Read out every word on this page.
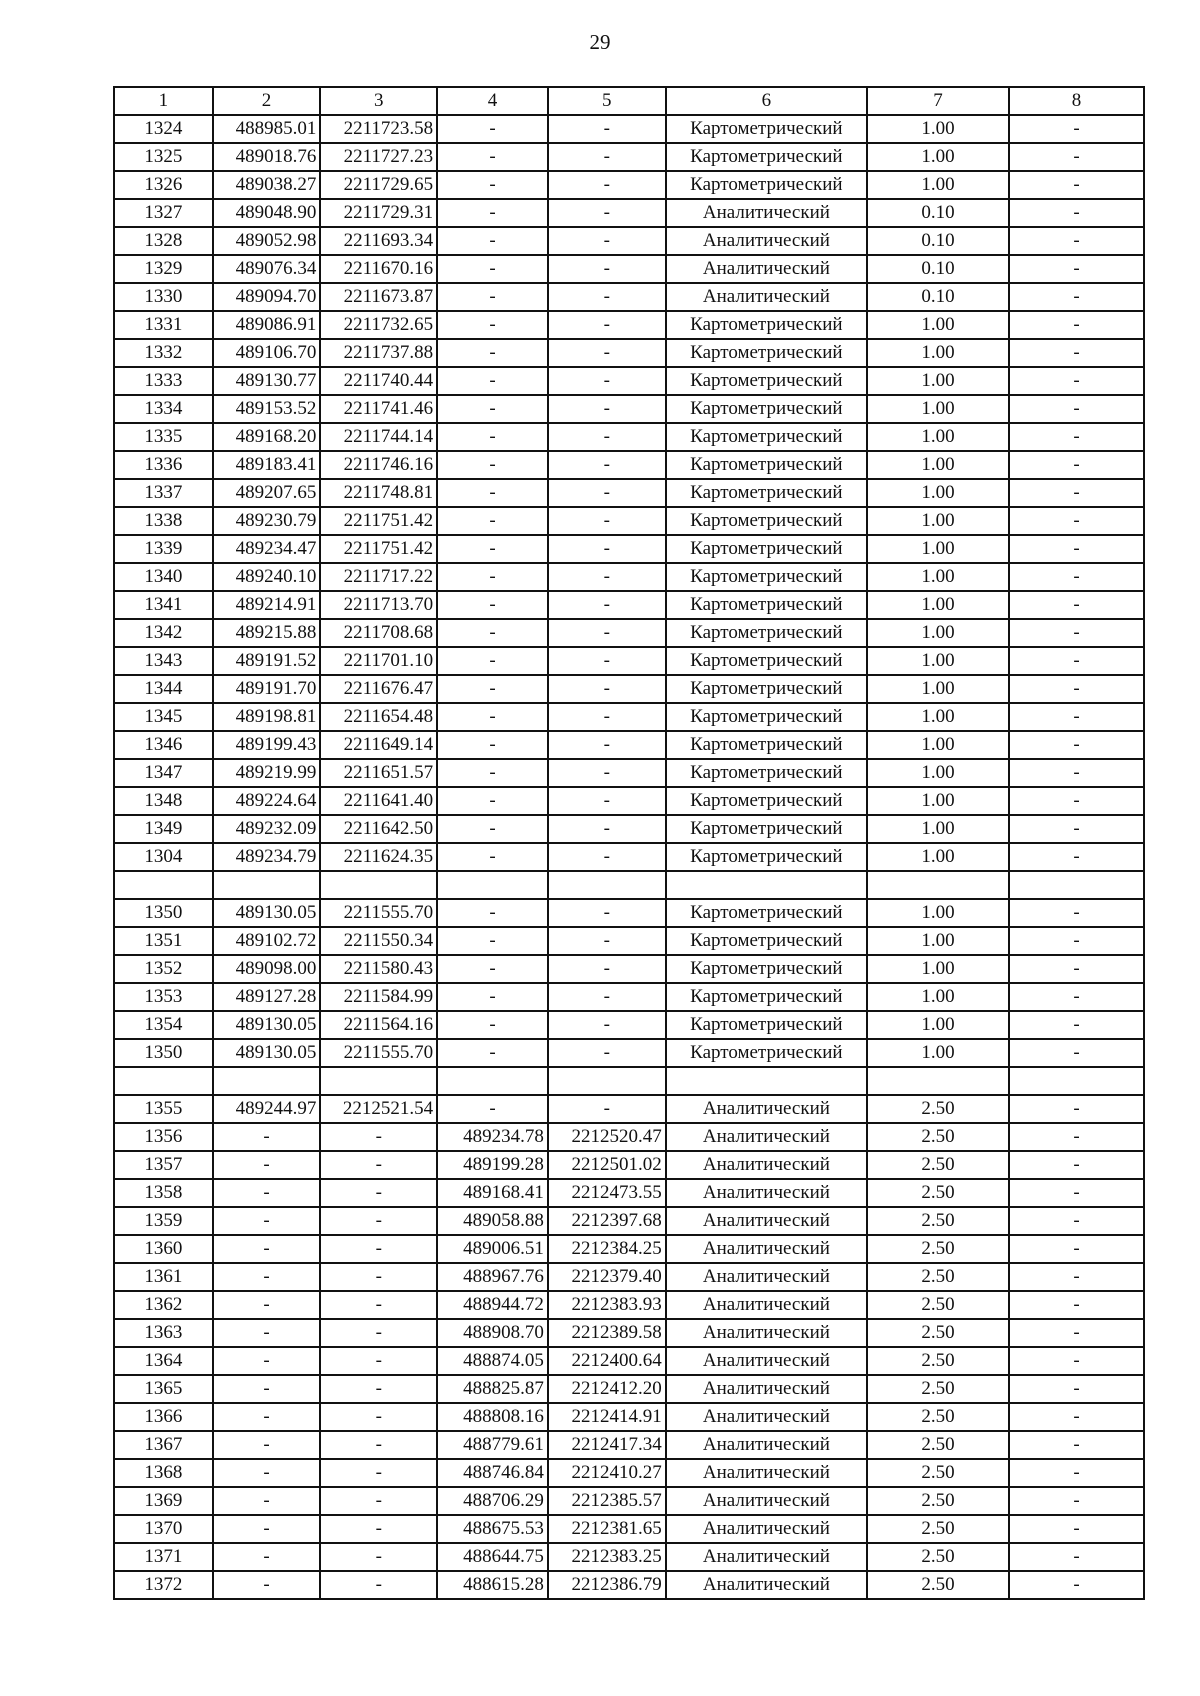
29
1	2	3	4	5	6	7	8
1324	488985.01	2211723.58	-	-	Картометрический	1.00	-
1325	489018.76	2211727.23	-	-	Картометрический	1.00	-
1326	489038.27	2211729.65	-	-	Картометрический	1.00	-
1327	489048.90	2211729.31	-	-	Аналитический	0.10	-
1328	489052.98	2211693.34	-	-	Аналитический	0.10	-
1329	489076.34	2211670.16	-	-	Аналитический	0.10	-
1330	489094.70	2211673.87	-	-	Аналитический	0.10	-
1331	489086.91	2211732.65	-	-	Картометрический	1.00	-
1332	489106.70	2211737.88	-	-	Картометрический	1.00	-
1333	489130.77	2211740.44	-	-	Картометрический	1.00	-
1334	489153.52	2211741.46	-	-	Картометрический	1.00	-
1335	489168.20	2211744.14	-	-	Картометрический	1.00	-
1336	489183.41	2211746.16	-	-	Картометрический	1.00	-
1337	489207.65	2211748.81	-	-	Картометрический	1.00	-
1338	489230.79	2211751.42	-	-	Картометрический	1.00	-
1339	489234.47	2211751.42	-	-	Картометрический	1.00	-
1340	489240.10	2211717.22	-	-	Картометрический	1.00	-
1341	489214.91	2211713.70	-	-	Картометрический	1.00	-
1342	489215.88	2211708.68	-	-	Картометрический	1.00	-
1343	489191.52	2211701.10	-	-	Картометрический	1.00	-
1344	489191.70	2211676.47	-	-	Картометрический	1.00	-
1345	489198.81	2211654.48	-	-	Картометрический	1.00	-
1346	489199.43	2211649.14	-	-	Картометрический	1.00	-
1347	489219.99	2211651.57	-	-	Картометрический	1.00	-
1348	489224.64	2211641.40	-	-	Картометрический	1.00	-
1349	489232.09	2211642.50	-	-	Картометрический	1.00	-
1304	489234.79	2211624.35	-	-	Картометрический	1.00	-

1350	489130.05	2211555.70	-	-	Картометрический	1.00	-
1351	489102.72	2211550.34	-	-	Картометрический	1.00	-
1352	489098.00	2211580.43	-	-	Картометрический	1.00	-
1353	489127.28	2211584.99	-	-	Картометрический	1.00	-
1354	489130.05	2211564.16	-	-	Картометрический	1.00	-
1350	489130.05	2211555.70	-	-	Картометрический	1.00	-

1355	489244.97	2212521.54	-	-	Аналитический	2.50	-
1356	-	-	489234.78	2212520.47	Аналитический	2.50	-
1357	-	-	489199.28	2212501.02	Аналитический	2.50	-
1358	-	-	489168.41	2212473.55	Аналитический	2.50	-
1359	-	-	489058.88	2212397.68	Аналитический	2.50	-
1360	-	-	489006.51	2212384.25	Аналитический	2.50	-
1361	-	-	488967.76	2212379.40	Аналитический	2.50	-
1362	-	-	488944.72	2212383.93	Аналитический	2.50	-
1363	-	-	488908.70	2212389.58	Аналитический	2.50	-
1364	-	-	488874.05	2212400.64	Аналитический	2.50	-
1365	-	-	488825.87	2212412.20	Аналитический	2.50	-
1366	-	-	488808.16	2212414.91	Аналитический	2.50	-
1367	-	-	488779.61	2212417.34	Аналитический	2.50	-
1368	-	-	488746.84	2212410.27	Аналитический	2.50	-
1369	-	-	488706.29	2212385.57	Аналитический	2.50	-
1370	-	-	488675.53	2212381.65	Аналитический	2.50	-
1371	-	-	488644.75	2212383.25	Аналитический	2.50	-
1372	-	-	488615.28	2212386.79	Аналитический	2.50	-
